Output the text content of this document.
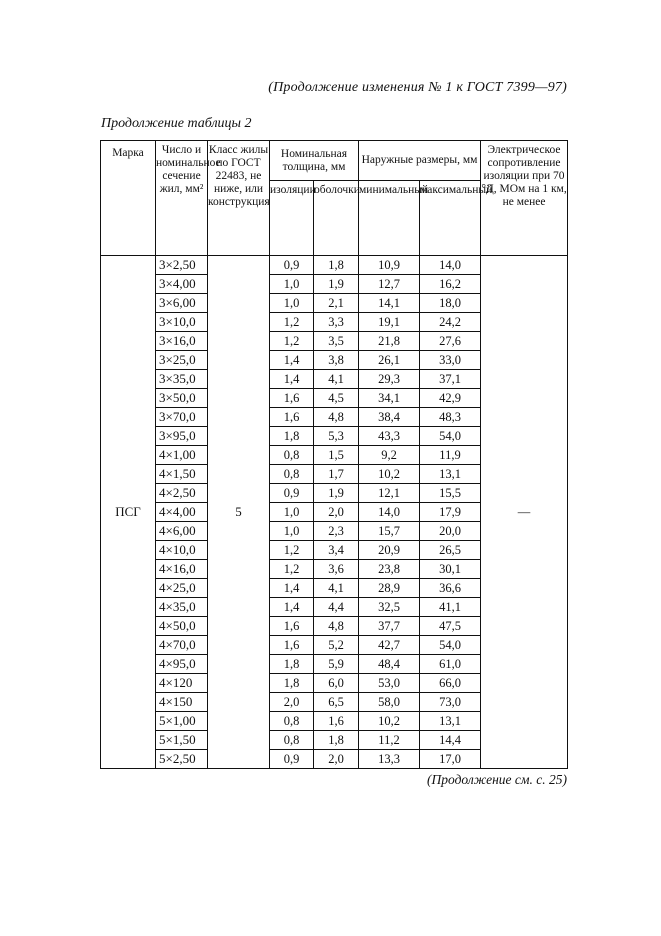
(Продолжение изменения № 1 к ГОСТ 7399—97)
Продолжение таблицы 2
Марка	Число и номинальное сечение жил, мм²	Класс жилы по ГОСТ 22483, не ниже, или конструкция	Номинальная толщина, мм		Наружные размеры, мм		Электрическое сопротивление изоляции при 70 °Д, МОм на 1 км, не менее
			изоляции	оболочки	минимальный	максимальный	
ПСГ	3×2,50	5	0,9	1,8	10,9	14,0	—
	3×4,00		1,0	1,9	12,7	16,2	
	3×6,00		1,0	2,1	14,1	18,0	
	3×10,0		1,2	3,3	19,1	24,2	
	3×16,0		1,2	3,5	21,8	27,6	
	3×25,0		1,4	3,8	26,1	33,0	
	3×35,0		1,4	4,1	29,3	37,1	
	3×50,0		1,6	4,5	34,1	42,9	
	3×70,0		1,6	4,8	38,4	48,3	
	3×95,0		1,8	5,3	43,3	54,0	
	4×1,00		0,8	1,5	9,2	11,9	
	4×1,50		0,8	1,7	10,2	13,1	
	4×2,50		0,9	1,9	12,1	15,5	
	4×4,00		1,0	2,0	14,0	17,9	
	4×6,00		1,0	2,3	15,7	20,0	
	4×10,0		1,2	3,4	20,9	26,5	
	4×16,0		1,2	3,6	23,8	30,1	
	4×25,0		1,4	4,1	28,9	36,6	
	4×35,0		1,4	4,4	32,5	41,1	
	4×50,0		1,6	4,8	37,7	47,5	
	4×70,0		1,6	5,2	42,7	54,0	
	4×95,0		1,8	5,9	48,4	61,0	
	4×120		1,8	6,0	53,0	66,0	
	4×150		2,0	6,5	58,0	73,0	
	5×1,00		0,8	1,6	10,2	13,1	
	5×1,50		0,8	1,8	11,2	14,4	
	5×2,50		0,9	2,0	13,3	17,0	
(Продолжение см. с. 25)
